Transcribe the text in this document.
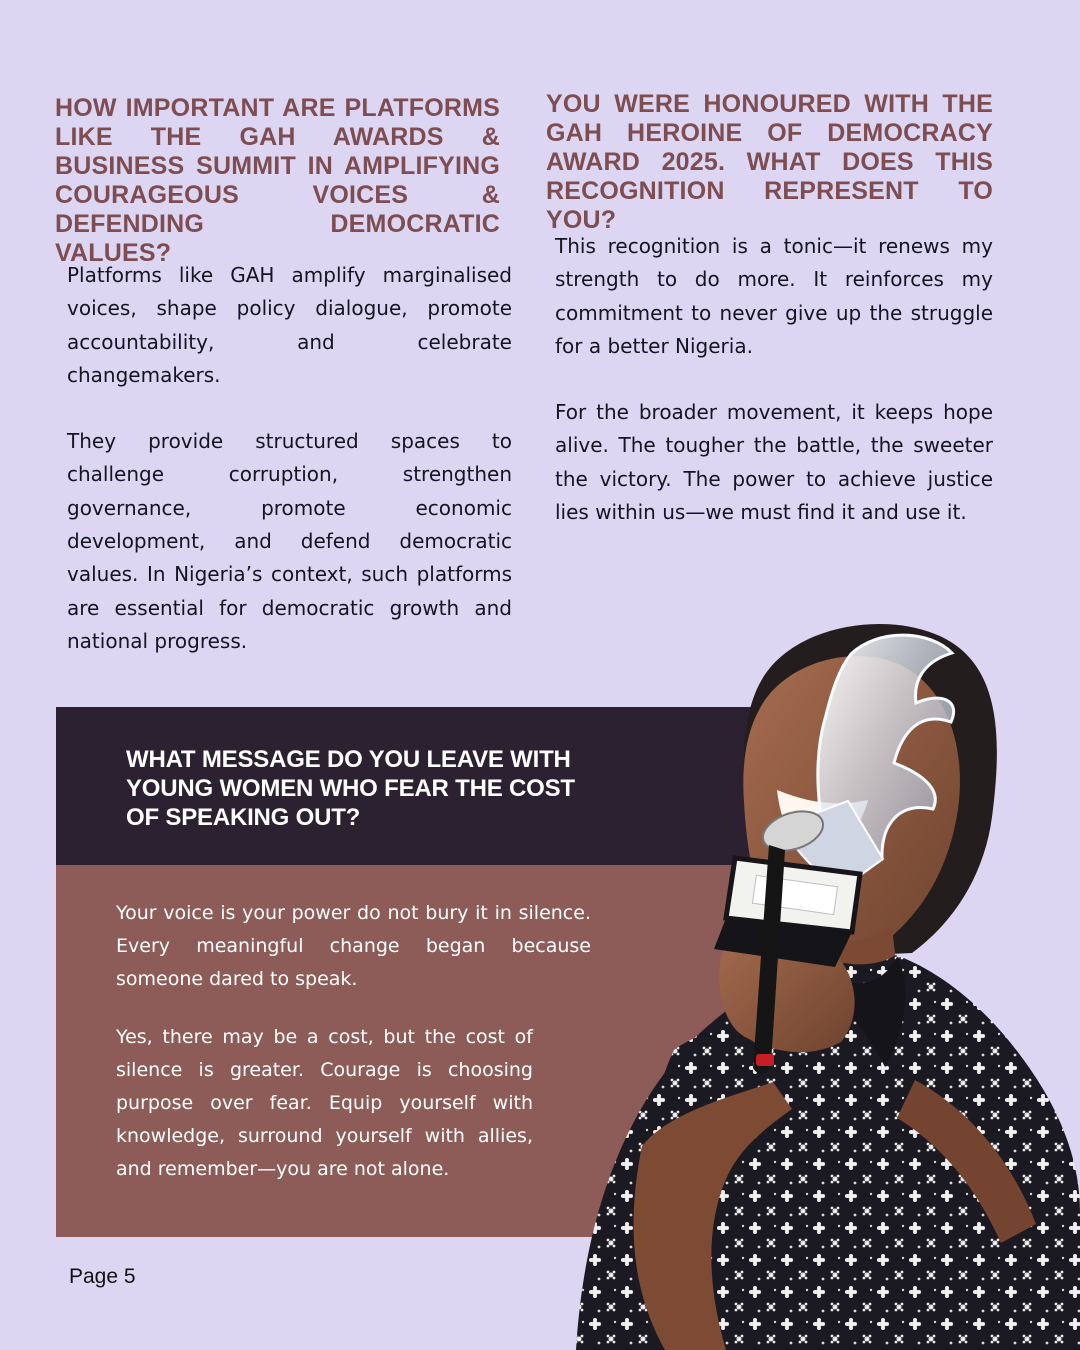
HOW IMPORTANT ARE PLATFORMS LIKE THE GAH AWARDS & BUSINESS SUMMIT IN AMPLIFYING COURAGEOUS VOICES & DEFENDING DEMOCRATIC VALUES?

Platforms like GAH amplify marginalised voices, shape policy dialogue, promote accountability, and celebrate changemakers.

They provide structured spaces to challenge corruption, strengthen governance, promote economic development, and defend democratic values. In Nigeria’s context, such platforms are essential for democratic growth and national progress.

YOU WERE HONOURED WITH THE GAH HEROINE OF DEMOCRACY AWARD 2025. WHAT DOES THIS RECOGNITION REPRESENT TO YOU?

This recognition is a tonic—it renews my strength to do more. It reinforces my commitment to never give up the struggle for a better Nigeria.

For the broader movement, it keeps hope alive. The tougher the battle, the sweeter the victory. The power to achieve justice lies within us—we must find it and use it.

WHAT MESSAGE DO YOU LEAVE WITH YOUNG WOMEN WHO FEAR THE COST OF SPEAKING OUT?

Your voice is your power do not bury it in silence. Every meaningful change began because someone dared to speak.

Yes, there may be a cost, but the cost of silence is greater. Courage is choosing purpose over fear. Equip yourself with knowledge, surround yourself with allies, and remember—you are not alone.

Page 5
